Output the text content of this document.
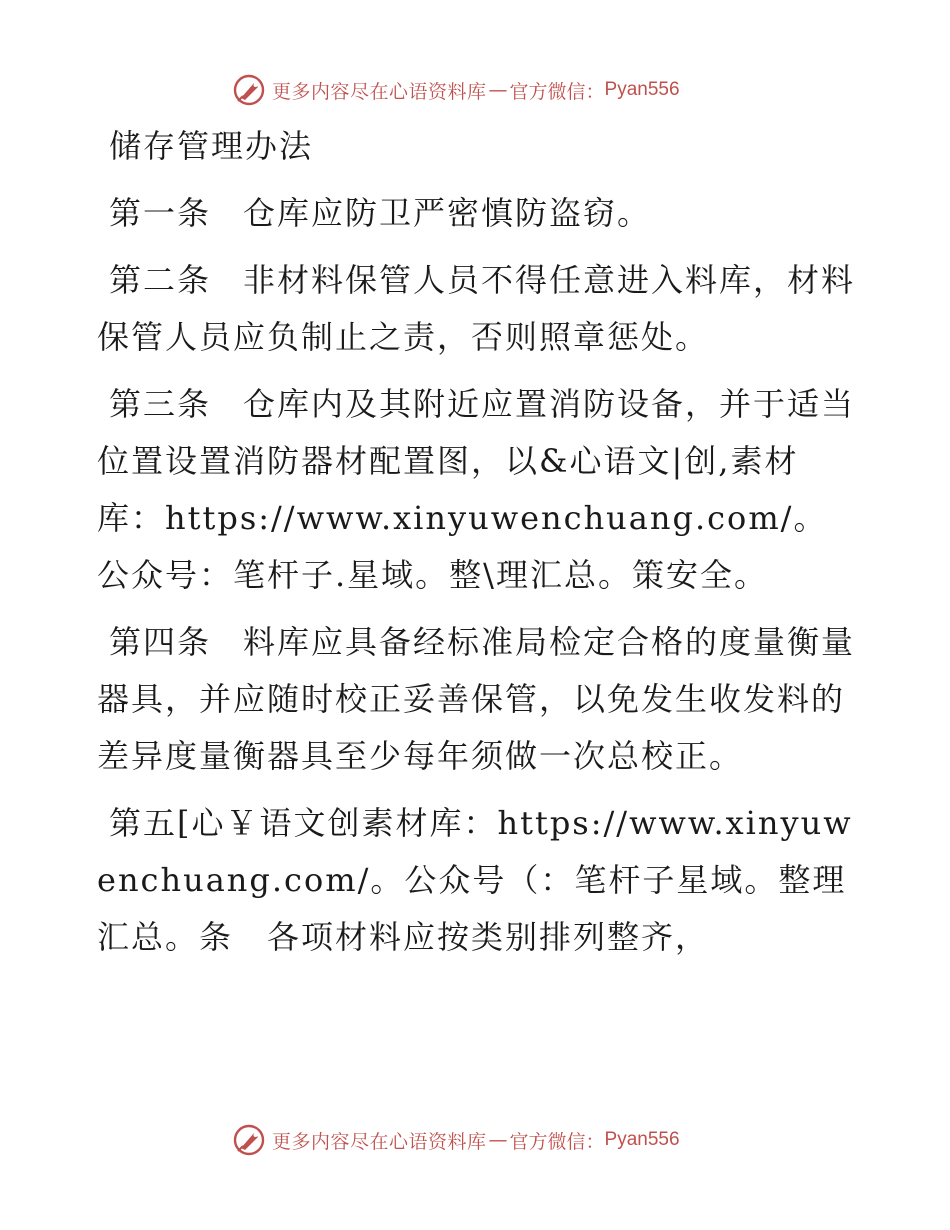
更多内容尽在心语资料库 — 官方微信： Pyan556

储存管理办法

第一条 仓库应防卫严密慎防盗窃。

第二条 非材料保管人员不得任意进入料库，材料保管人员应负制止之责，否则照章惩处。

第三条 仓库内及其附近应置消防设备，并于适当位置设置消防器材配置图，以&心语文|创,素材库：https://www.xinyuwenchuang.com/。公众号：笔杆子.星域。整\理汇总。策安全。

第四条 料库应具备经标准局检定合格的度量衡量器具，并应随时校正妥善保管，以免发生收发料的差异度量衡器具至少每年须做一次总校正。

第五[心￥语文创素材库：https://www.xinyuwenchuang.com/。公众号（：笔杆子星域。整理汇总。条　各项材料应按类别排列整齐，

更多内容尽在心语资料库 — 官方微信： Pyan556
